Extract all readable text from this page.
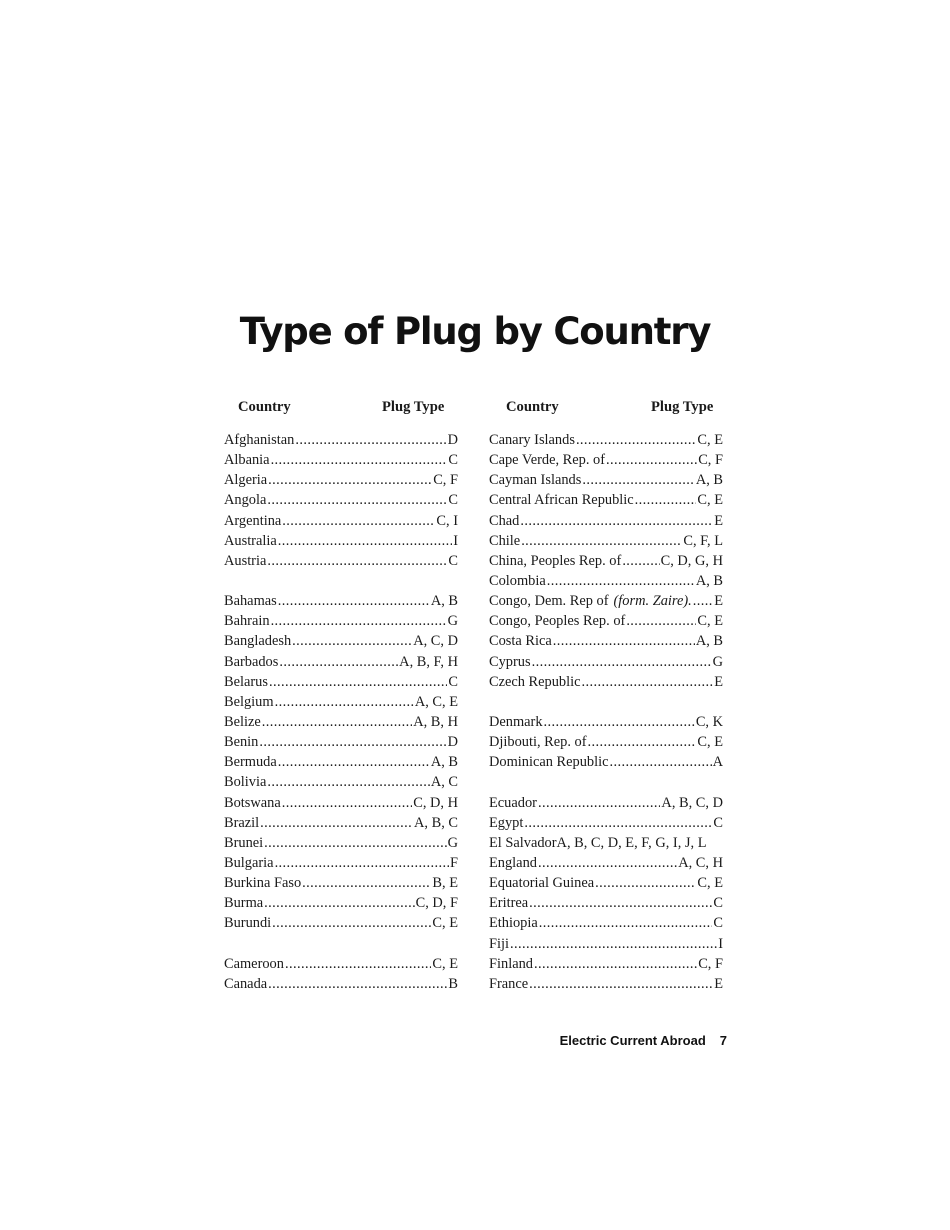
Type of Plug by Country
Country	Plug Type
Afghanistan .....	D
Albania .....	C
Algeria .....	C, F
Angola .....	C
Argentina .....	C, I
Australia .....	I
Austria .....	C
Bahamas .....	A, B
Bahrain .....	G
Bangladesh .....	A, C, D
Barbados .....	A, B, F, H
Belarus .....	C
Belgium .....	A, C, E
Belize .....	A, B, H
Benin .....	D
Bermuda .....	A, B
Bolivia .....	A, C
Botswana .....	C, D, H
Brazil .....	A, B, C
Brunei .....	G
Bulgaria .....	F
Burkina Faso .....	B, E
Burma .....	C, D, F
Burundi .....	C, E
Cameroon .....	C, E
Canada .....	B
Country	Plug Type
Canary Islands .....	C, E
Cape Verde, Rep. of .....	C, F
Cayman Islands .....	A, B
Central African Republic .....	C, E
Chad .....	E
Chile .....	C, F, L
China, Peoples Rep. of .....	C, D, G, H
Colombia .....	A, B
Congo, Dem. Rep of (form. Zaire). ..... E
Congo, Peoples Rep. of .....	C, E
Costa Rica .....	A, B
Cyprus .....	G
Czech Republic .....	E
Denmark .....	C, K
Djibouti, Rep. of .....	C, E
Dominican Republic .....	A
Ecuador .....	A, B, C, D
Egypt .....	C
El Salvador A, B, C, D, E, F, G, I, J, L
England .....	A, C, H
Equatorial Guinea .....	C, E
Eritrea .....	C
Ethiopia .....	C
Fiji .....	I
Finland .....	C, F
France .....	E
Electric Current Abroad 7
